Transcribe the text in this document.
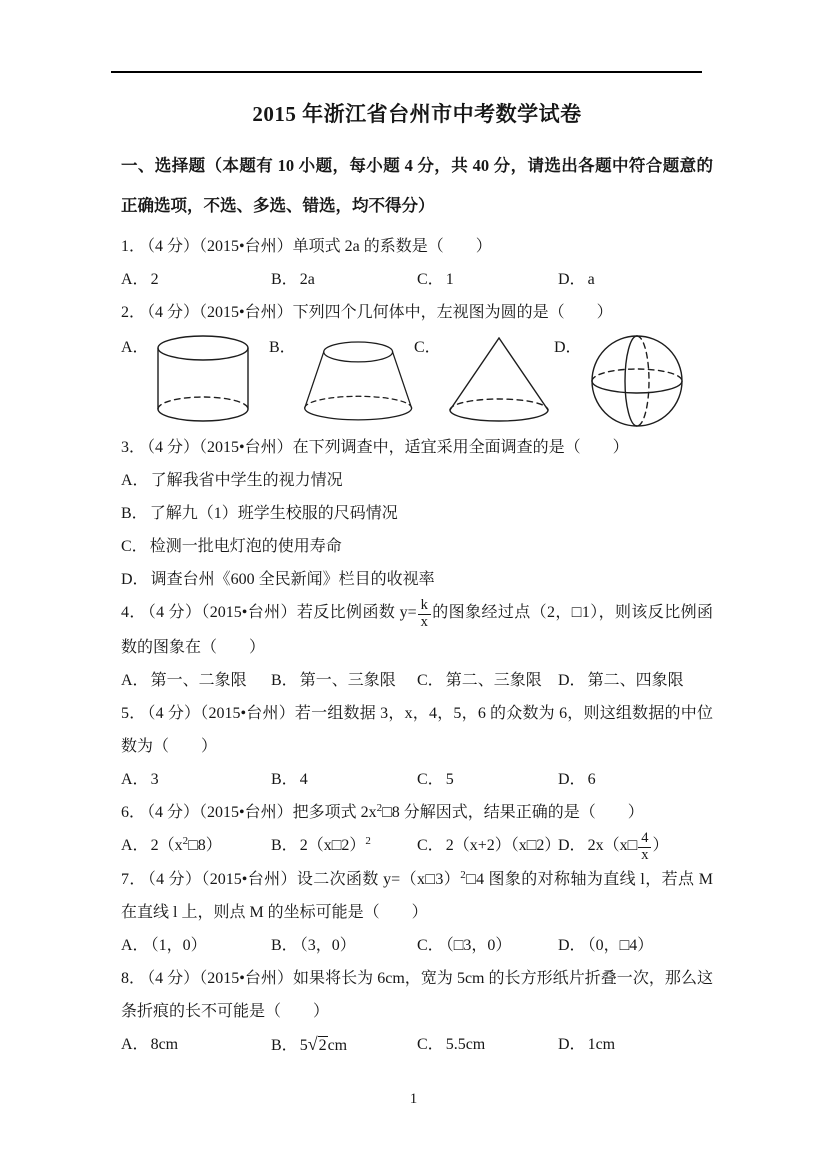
2015 年浙江省台州市中考数学试卷

一、选择题（本题有 10 小题，每小题 4 分，共 40 分，请选出各题中符合题意的正确选项，不选、多选、错选，均不得分）

1． （4 分）（2015•台州）单项式 2a 的系数是（　　）

A． 2	B． 2a	C． 1	D． a

2． （4 分）（2015•台州）下列四个几何体中，左视图为圆的是（　　）

A．	B．	C．	D．

3． （4 分）（2015•台州）在下列调查中，适宜采用全面调查的是（　　）

A． 了解我省中学生的视力情况

B． 了解九（1）班学生校服的尺码情况

C． 检测一批电灯泡的使用寿命

D． 调查台州《600 全民新闻》栏目的收视率

4． （4 分）（2015•台州）若反比例函数 $y= \frac{k}{x}$ 的图象经过点（2，□1），则该反比例函数的图象在（　　）

A． 第一、二象限	B． 第一、三象限	C． 第二、三象限	D． 第二、四象限

5． （4 分）（2015•台州）若一组数据 3，x，4，5，6 的众数为 6，则这组数据的中位数为（　　）

A． 3	B． 4	C． 5	D． 6

6． （4 分）（2015•台州）把多项式 $2x^2□8$ 分解因式，结果正确的是（　　）

A． $2(x^2□8)$	B． 2（x□2）$^2$	C． 2（x+2）（x□2）
D． 2x（x□ $\frac{4}{x}$ ）

7． （4 分）（2015•台州）设二次函数 y=（x□3）$^2$□4 图象的对称轴为直线 l，若点 M 在直线 l 上，则点 M 的坐标可能是（　　）

A． （1，0）	B． （3，0）	C． （□3，0）	D． （0，□4）

8． （4 分）（2015•台州）如果将长为 6cm，宽为 5cm 的长方形纸片折叠一次，那么这条折痕的长不可能是（　　）

A． 8cm	B． 5√2cm	C． 5.5cm	D． 1cm
1
